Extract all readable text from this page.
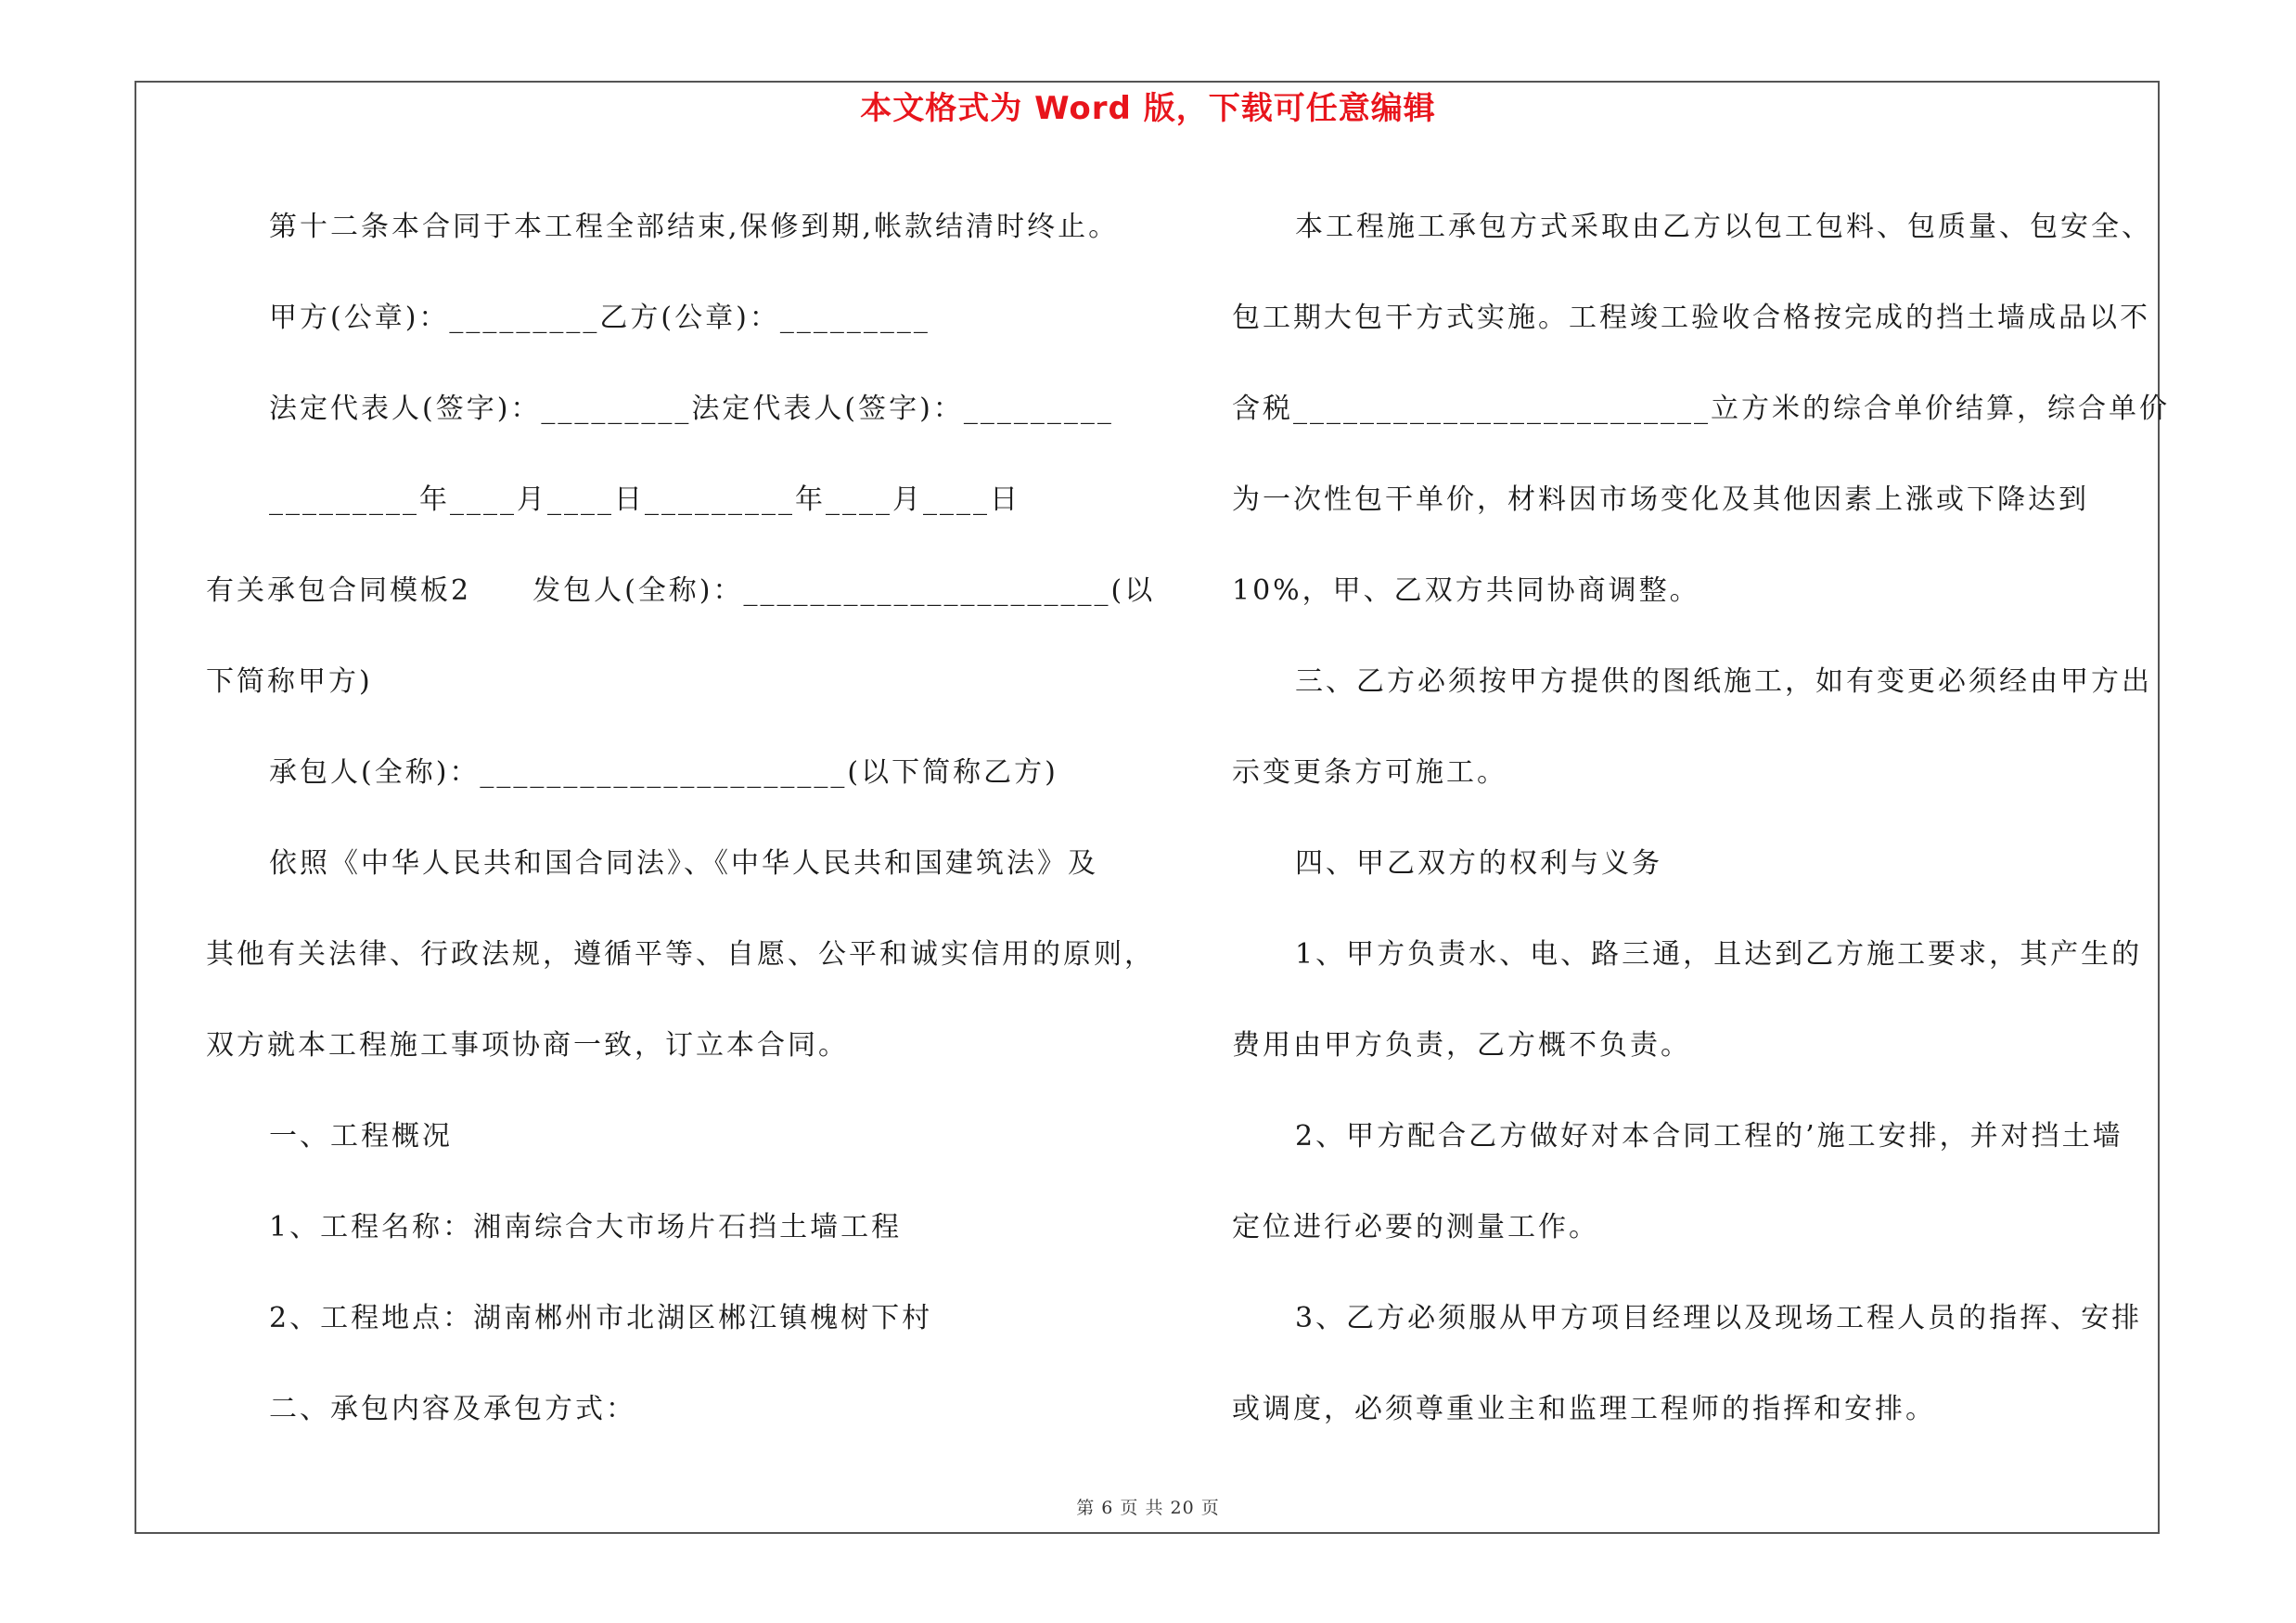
本文格式为 Word 版，下载可任意编辑

第十二条本合同于本工程全部结束,保修到期,帐款结清时终止。

甲方(公章)：_________乙方(公章)：_________

法定代表人(签字)：_________法定代表人(签字)：_________

_________年____月____日_________年____月____日

有关承包合同模板2　　发包人(全称)：______________________(以

下简称甲方)

承包人(全称)：______________________(以下简称乙方)

依照《中华人民共和国合同法》、《中华人民共和国建筑法》及

其他有关法律、行政法规，遵循平等、自愿、公平和诚实信用的原则，

双方就本工程施工事项协商一致，订立本合同。

一、工程概况

1、工程名称：湘南综合大市场片石挡土墙工程

2、工程地点：湖南郴州市北湖区郴江镇槐树下村

二、承包内容及承包方式：

本工程施工承包方式采取由乙方以包工包料、包质量、包安全、

包工期大包干方式实施。工程竣工验收合格按完成的挡土墙成品以不

含税_________________________立方米的综合单价结算，综合单价

为一次性包干单价，材料因市场变化及其他因素上涨或下降达到

10%，甲、乙双方共同协商调整。

三、乙方必须按甲方提供的图纸施工，如有变更必须经由甲方出

示变更条方可施工。

四、甲乙双方的权利与义务

1、甲方负责水、电、路三通，且达到乙方施工要求，其产生的

费用由甲方负责，乙方概不负责。

2、甲方配合乙方做好对本合同工程的’施工安排，并对挡土墙

定位进行必要的测量工作。

3、乙方必须服从甲方项目经理以及现场工程人员的指挥、安排

或调度，必须尊重业主和监理工程师的指挥和安排。

第 6 页 共 20 页
